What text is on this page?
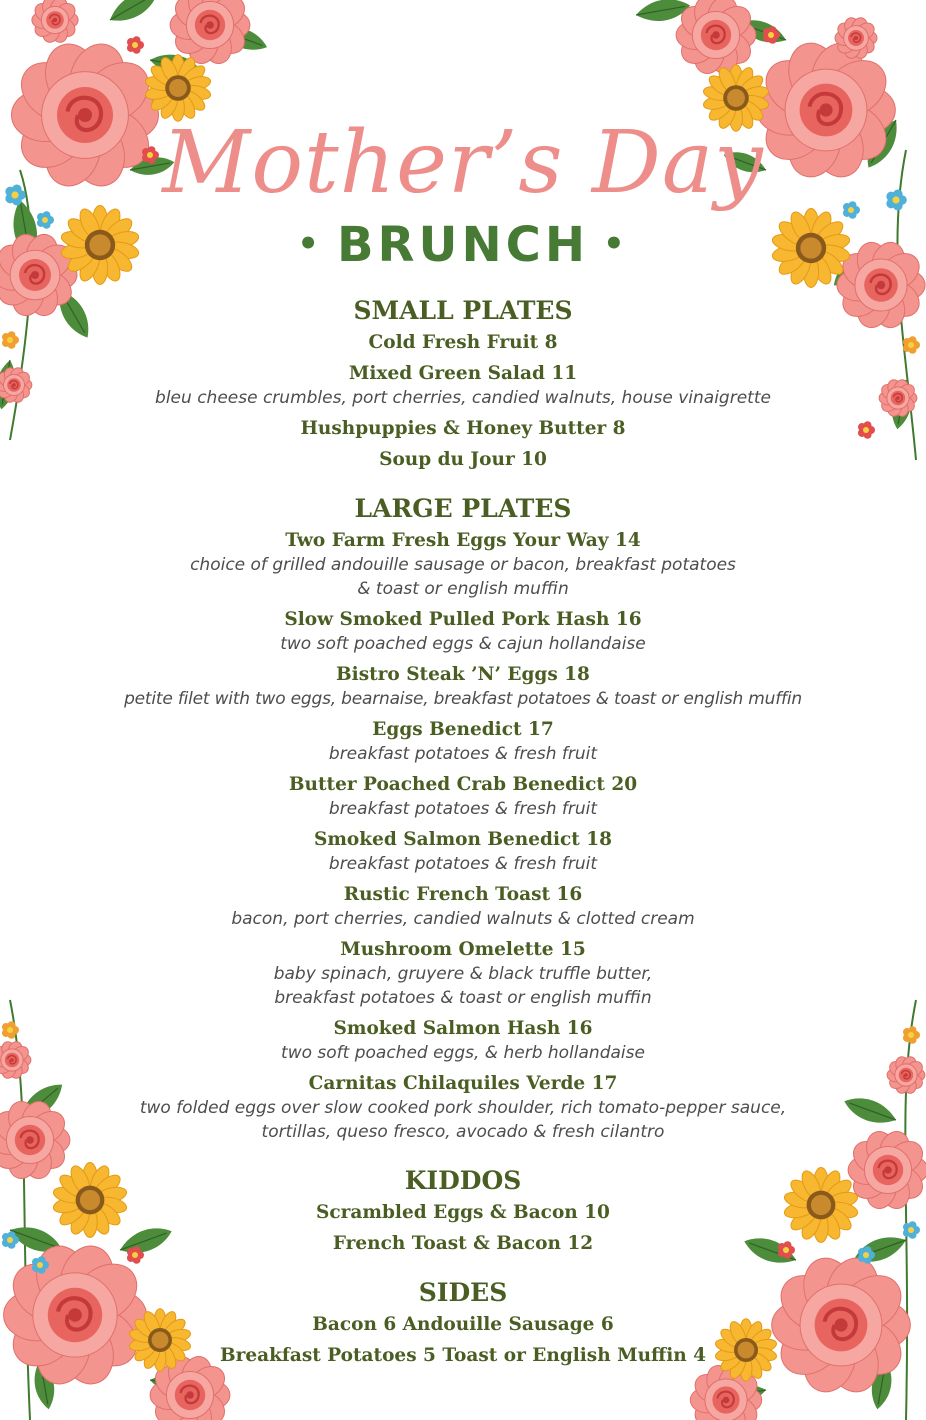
Mother’s Day
• BRUNCH •
SMALL PLATES
Cold Fresh Fruit 8
Mixed Green Salad 11
bleu cheese crumbles, port cherries, candied walnuts, house vinaigrette
Hushpuppies & Honey Butter 8
Soup du Jour 10
LARGE PLATES
Two Farm Fresh Eggs Your Way 14
choice of grilled andouille sausage or bacon, breakfast potatoes
& toast or english muffin
Slow Smoked Pulled Pork Hash 16
two soft poached eggs & cajun hollandaise
Bistro Steak ’N’ Eggs 18
petite filet with two eggs, bearnaise, breakfast potatoes & toast or english muffin
Eggs Benedict 17
breakfast potatoes & fresh fruit
Butter Poached Crab Benedict 20
breakfast potatoes & fresh fruit
Smoked Salmon Benedict 18
breakfast potatoes & fresh fruit
Rustic French Toast 16
bacon, port cherries, candied walnuts & clotted cream
Mushroom Omelette 15
baby spinach, gruyere & black truffle butter,
breakfast potatoes & toast or english muffin
Smoked Salmon Hash 16
two soft poached eggs, & herb hollandaise
Carnitas Chilaquiles Verde 17
two folded eggs over slow cooked pork shoulder, rich tomato-pepper sauce,
tortillas, queso fresco, avocado & fresh cilantro
KIDDOS
Scrambled Eggs & Bacon 10
French Toast & Bacon 12
SIDES
Bacon 6 Andouille Sausage 6
Breakfast Potatoes 5 Toast or English Muffin 4
